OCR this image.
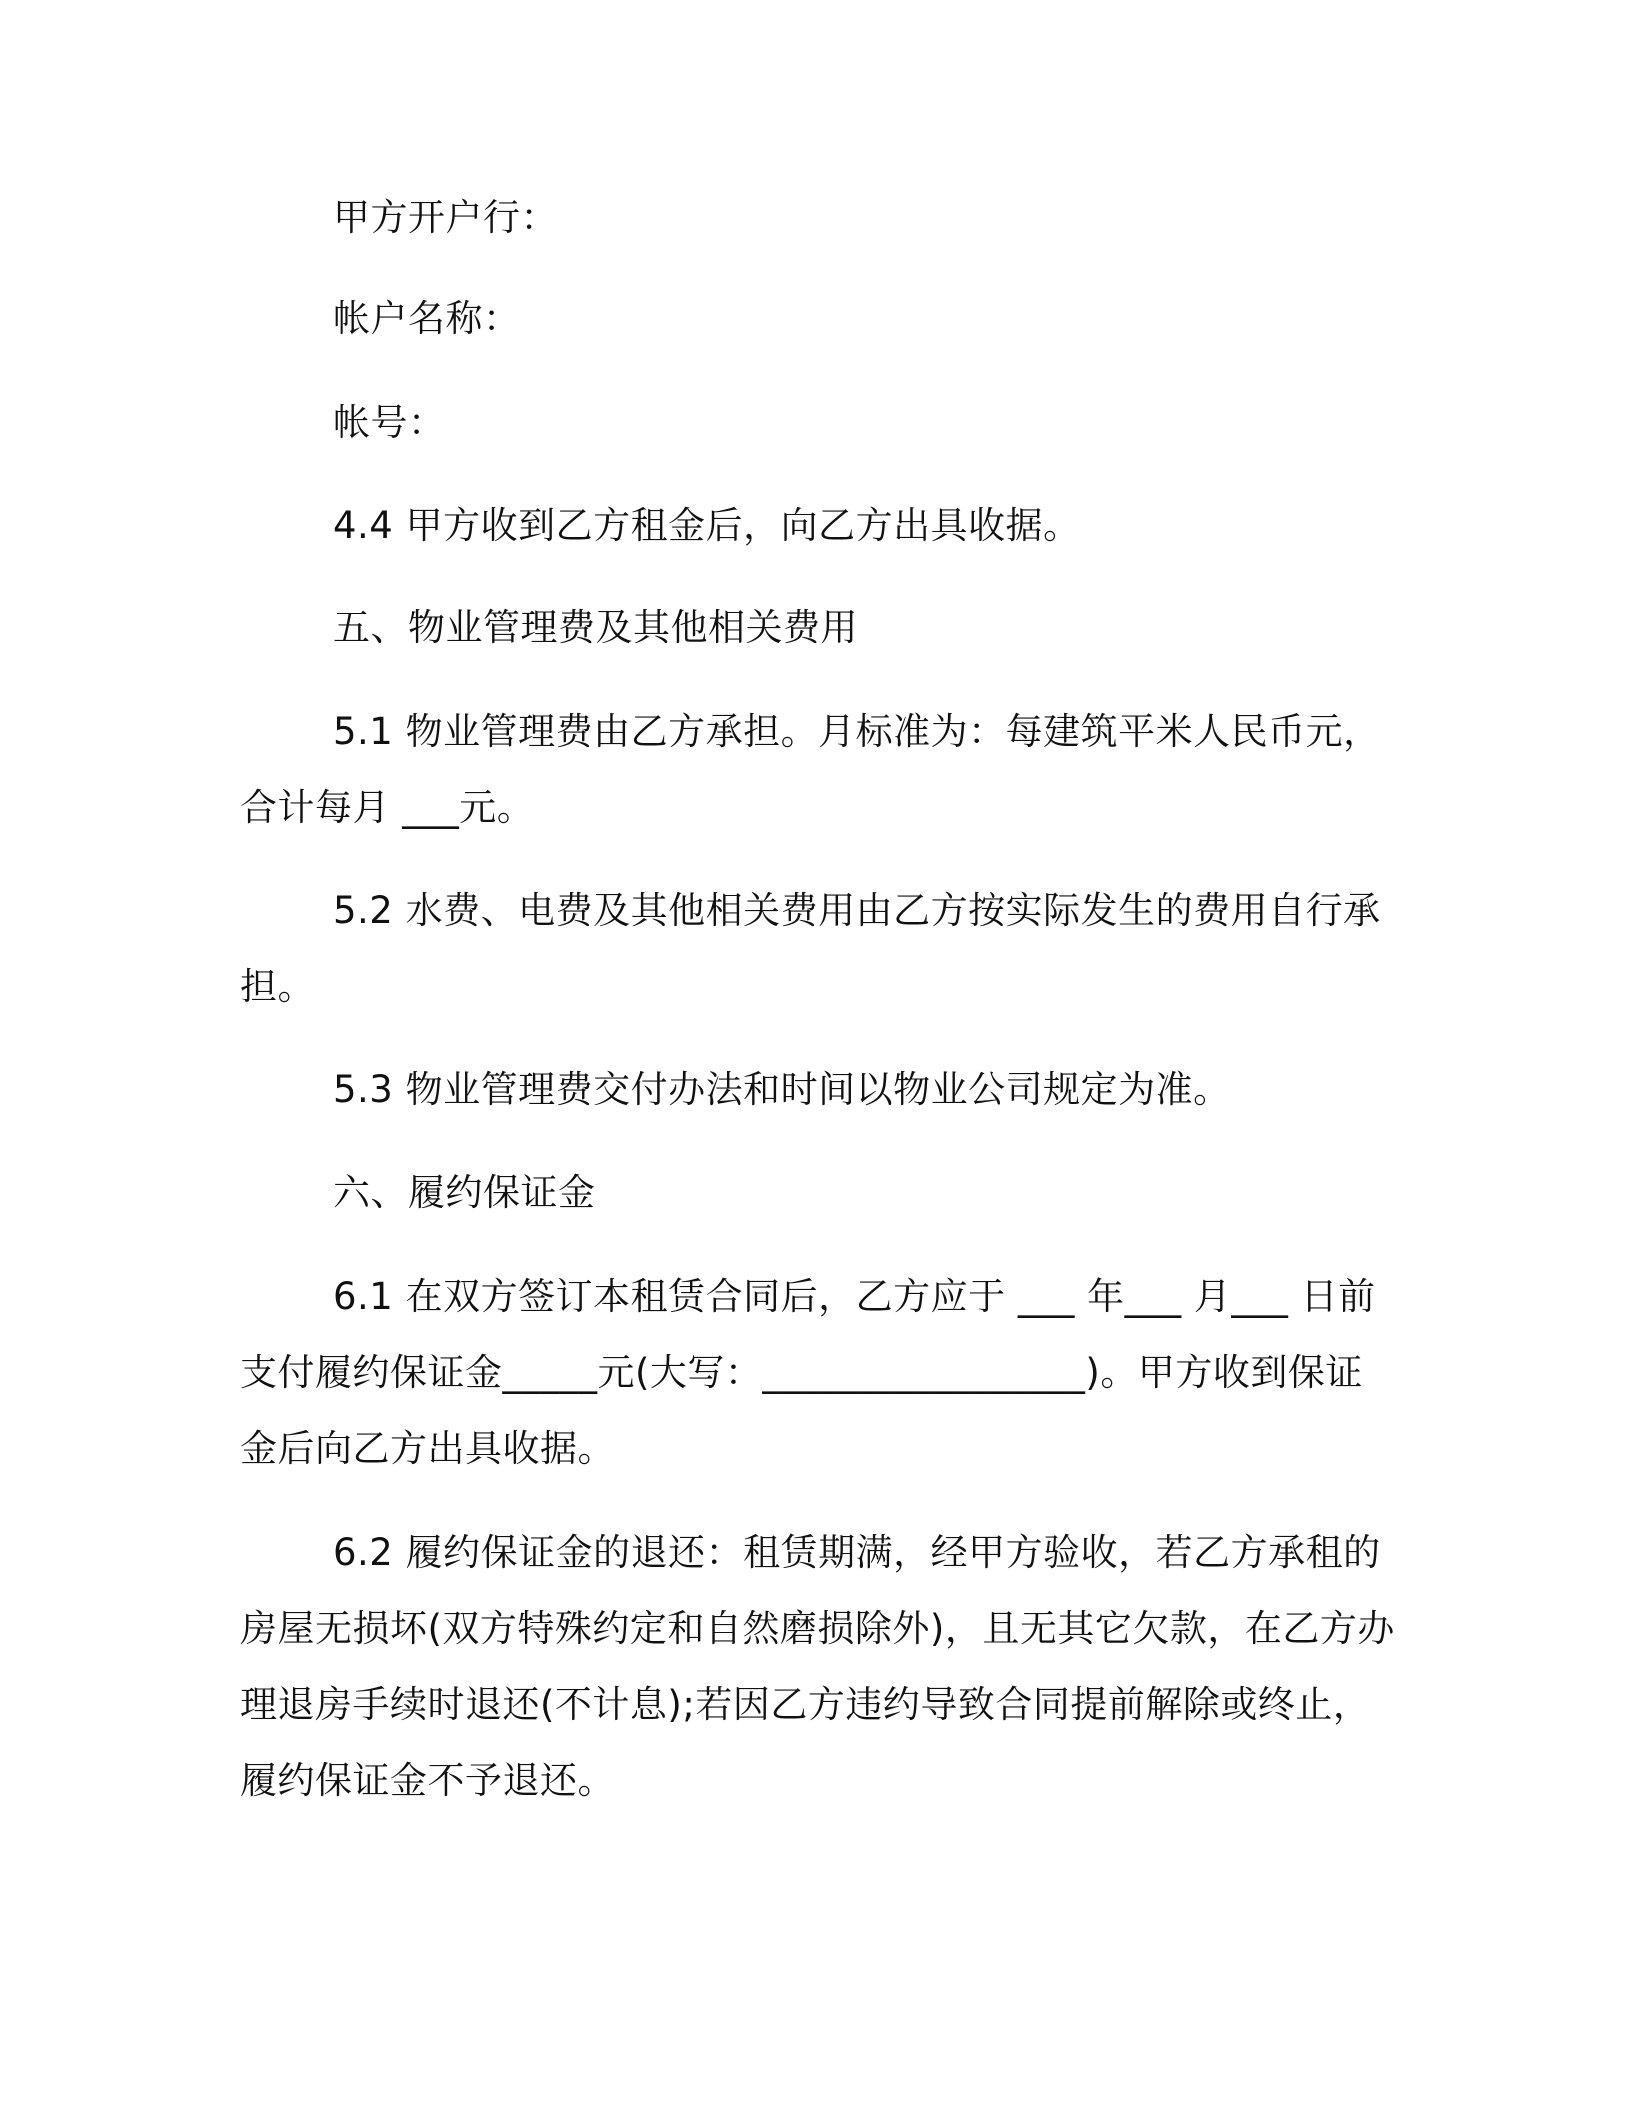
甲方开户行：
帐户名称：
帐号：
4.4 甲方收到乙方租金后，向乙方出具收据。
五、物业管理费及其他相关费用
5.1 物业管理费由乙方承担。月标准为：每建筑平米人民币元，
合计每月 ___元。
5.2 水费、电费及其他相关费用由乙方按实际发生的费用自行承
担。
5.3 物业管理费交付办法和时间以物业公司规定为准。
六、履约保证金
6.1 在双方签订本租赁合同后，乙方应于 ___ 年___ 月___ 日前
支付履约保证金_____元(大写：_________________)。甲方收到保证
金后向乙方出具收据。
6.2 履约保证金的退还：租赁期满，经甲方验收，若乙方承租的
房屋无损坏(双方特殊约定和自然磨损除外)，且无其它欠款，在乙方办
理退房手续时退还(不计息);若因乙方违约导致合同提前解除或终止，
履约保证金不予退还。
